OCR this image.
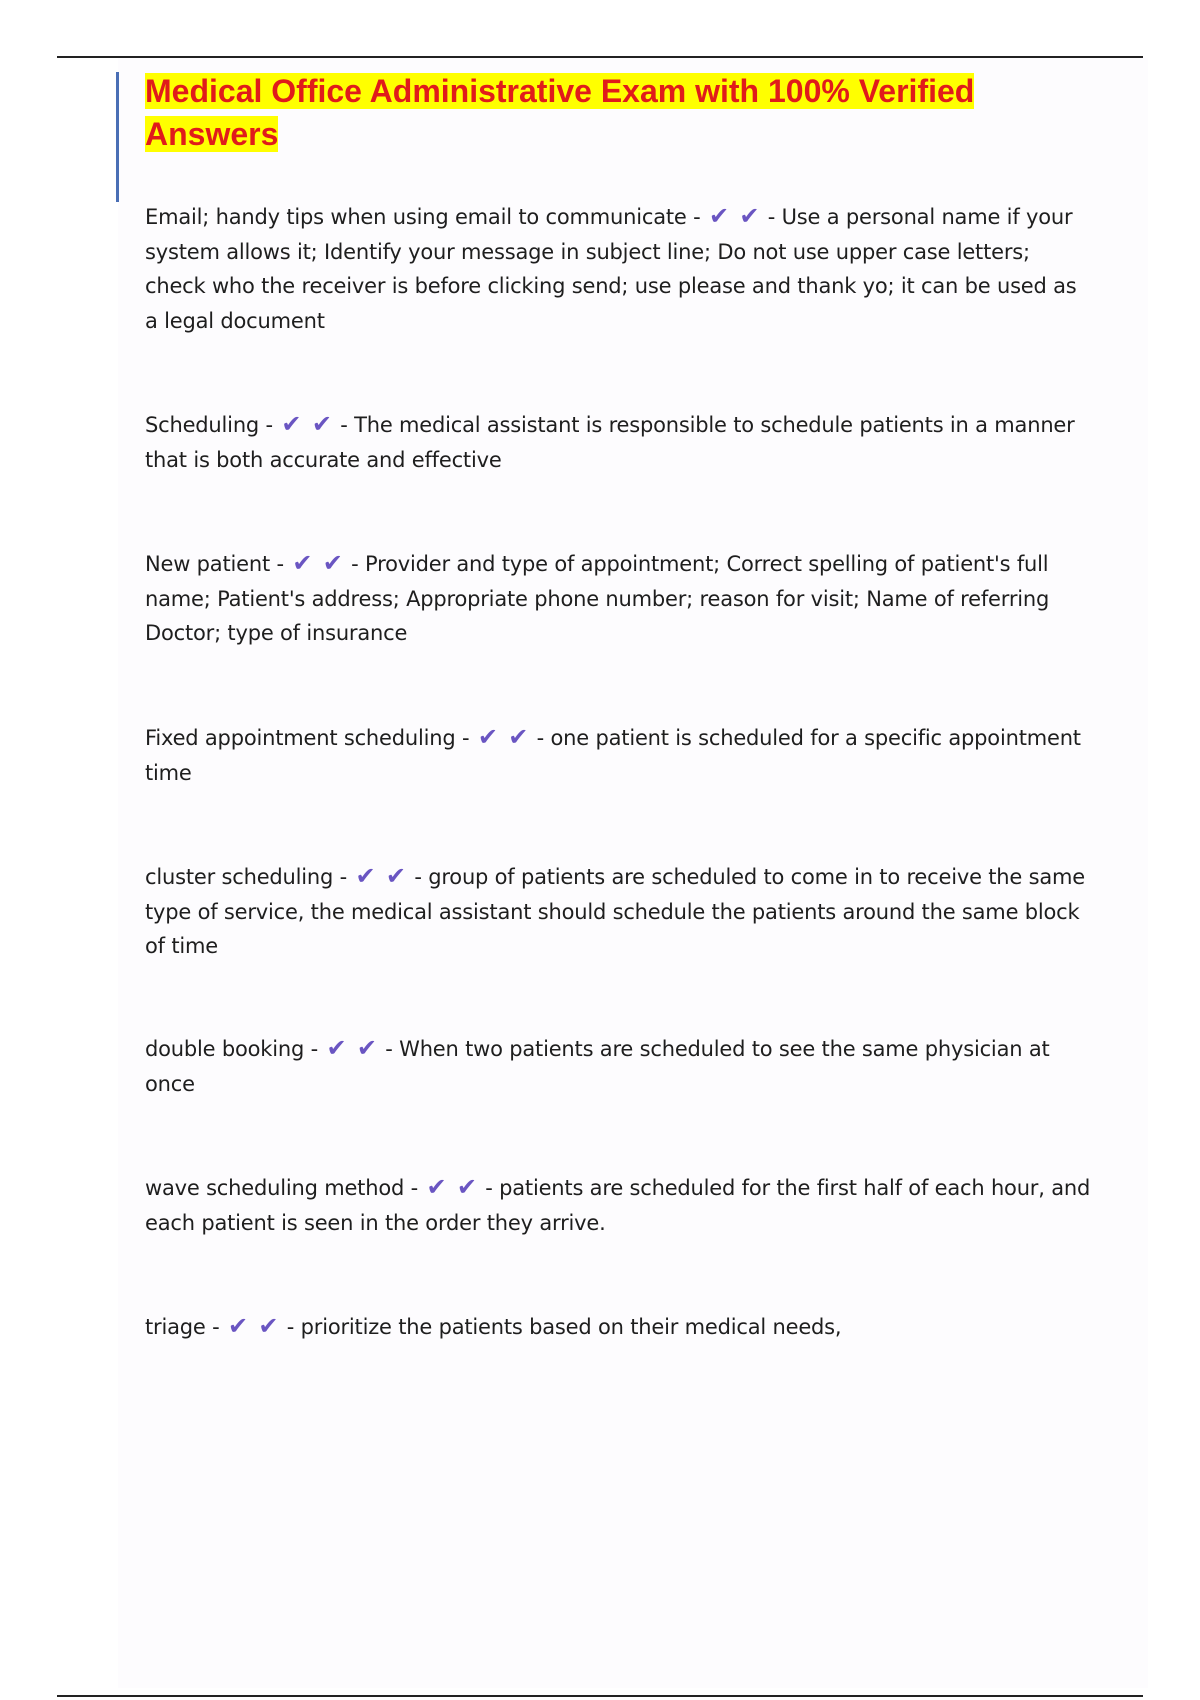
Medical Office Administrative Exam with 100% Verified Answers

Email; handy tips when using email to communicate - ✔ ✔ - Use a personal name if your system allows it; Identify your message in subject line; Do not use upper case letters; check who the receiver is before clicking send; use please and thank yo; it can be used as a legal document

Scheduling - ✔ ✔ - The medical assistant is responsible to schedule patients in a manner that is both accurate and effective

New patient - ✔ ✔ - Provider and type of appointment; Correct spelling of patient's full name; Patient's address; Appropriate phone number; reason for visit; Name of referring Doctor; type of insurance

Fixed appointment scheduling - ✔ ✔ - one patient is scheduled for a specific appointment time

cluster scheduling - ✔ ✔ - group of patients are scheduled to come in to receive the same type of service, the medical assistant should schedule the patients around the same block of time

double booking - ✔ ✔ - When two patients are scheduled to see the same physician at once

wave scheduling method - ✔ ✔ - patients are scheduled for the first half of each hour, and each patient is seen in the order they arrive.

triage - ✔ ✔ - prioritize the patients based on their medical needs,
